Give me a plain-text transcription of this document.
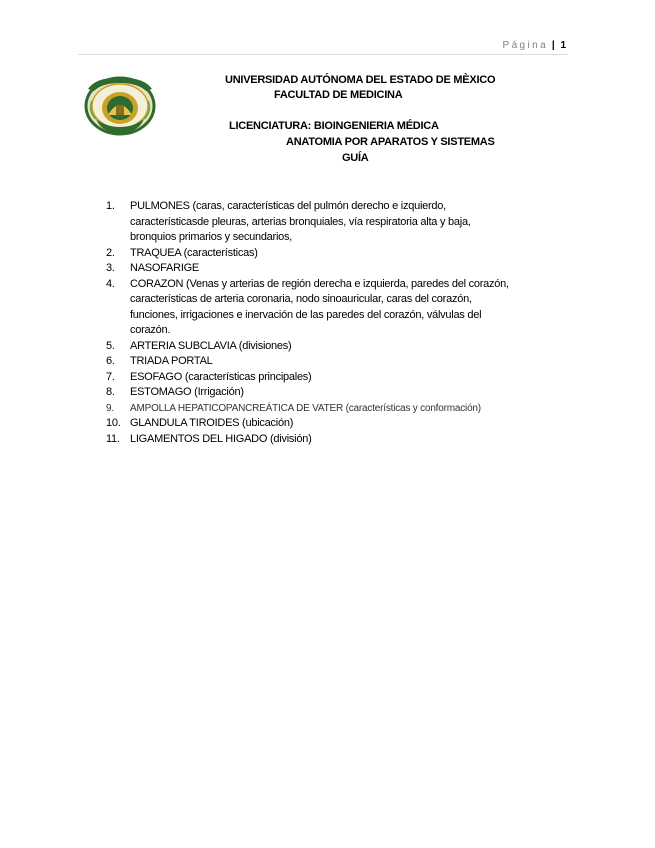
Página | 1
UNIVERSIDAD AUTÓNOMA DEL ESTADO DE MÈXICO
FACULTAD DE MEDICINA
LICENCIATURA: BIOINGENIERIA MÉDICA
ANATOMIA POR APARATOS Y SISTEMAS
GUÍA
1. PULMONES (caras, características del pulmón derecho e izquierdo,
característicasde pleuras, arterias bronquiales, vía respiratoria alta y baja,
bronquios primarios y secundarios,
2. TRAQUEA (características)
3. NASOFARIGE
4. CORAZON (Venas y arterias de región derecha e izquierda, paredes del corazón,
características de arteria coronaria, nodo sinoauricular, caras del corazón,
funciones, irrigaciones e inervación de las paredes del corazón, válvulas del
corazón.
5. ARTERIA SUBCLAVIA (divisiones)
6. TRIADA PORTAL
7. ESOFAGO (características principales)
8. ESTOMAGO (Irrigación)
9. AMPOLLA HEPATICOPANCREÁTICA DE VATER (características y conformación)
10. GLANDULA TIROIDES (ubicación)
11. LIGAMENTOS DEL HIGADO (división)
